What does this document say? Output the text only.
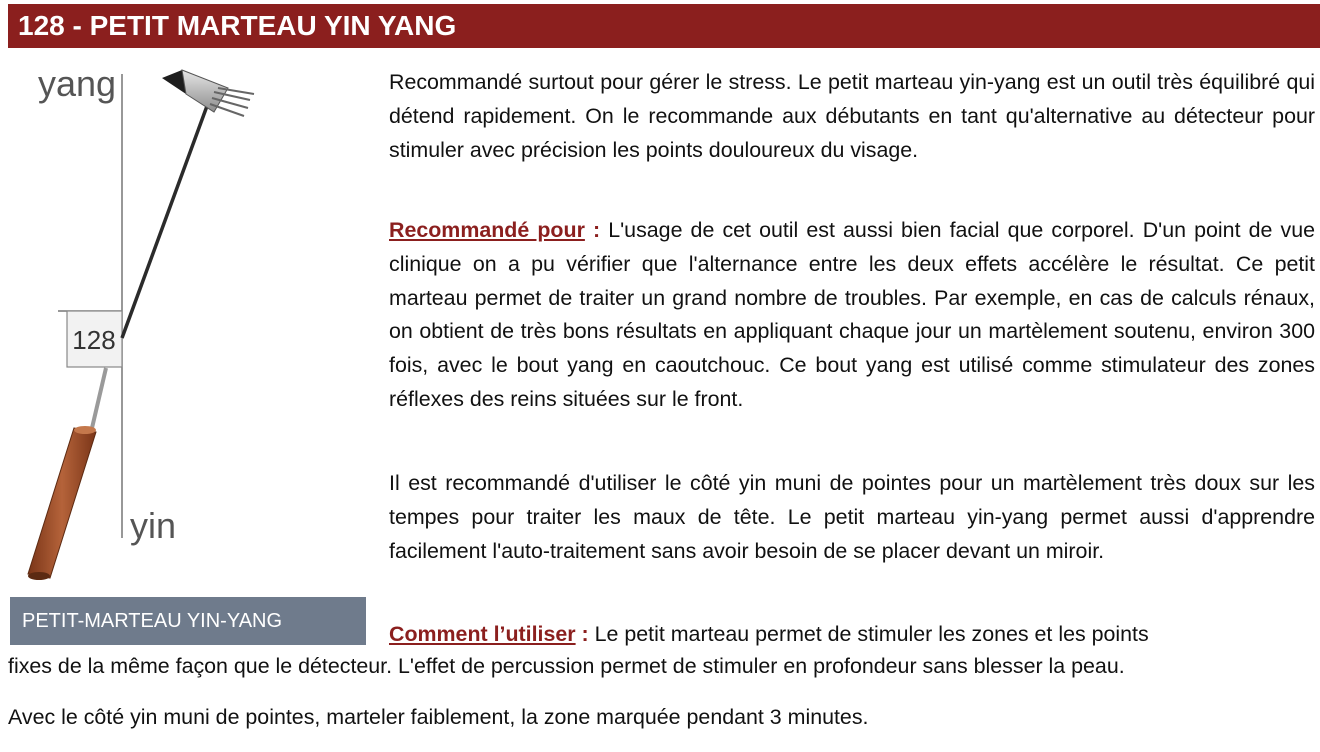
128 - PETIT MARTEAU YIN YANG
128
yang
yin
PETIT-MARTEAU YIN-YANG

Recommandé surtout pour gérer le stress. Le petit marteau yin-yang est un outil très équilibré qui détend rapidement. On le recommande aux débutants en tant qu'alternative au détecteur pour stimuler avec précision les points douloureux du visage.

Recommandé pour : L'usage de cet outil est aussi bien facial que corporel. D'un point de vue clinique on a pu vérifier que l'alternance entre les deux effets accélère le résultat. Ce petit marteau permet de traiter un grand nombre de troubles. Par exemple, en cas de calculs rénaux, on obtient de très bons résultats en appliquant chaque jour un martèlement soutenu, environ 300 fois, avec le bout yang en caoutchouc. Ce bout yang est utilisé comme stimulateur des zones réflexes des reins situées sur le front.

Il est recommandé d'utiliser le côté yin muni de pointes pour un martèlement très doux sur les tempes pour traiter les maux de tête. Le petit marteau yin-yang permet aussi d'apprendre facilement l'auto-traitement sans avoir besoin de se placer devant un miroir.

Comment l’utiliser : Le petit marteau permet de stimuler les zones et les points

fixes de la même façon que le détecteur. L'effet de percussion permet de stimuler en profondeur sans blesser la peau.

Avec le côté yin muni de pointes, marteler faiblement, la zone marquée pendant 3 minutes.
